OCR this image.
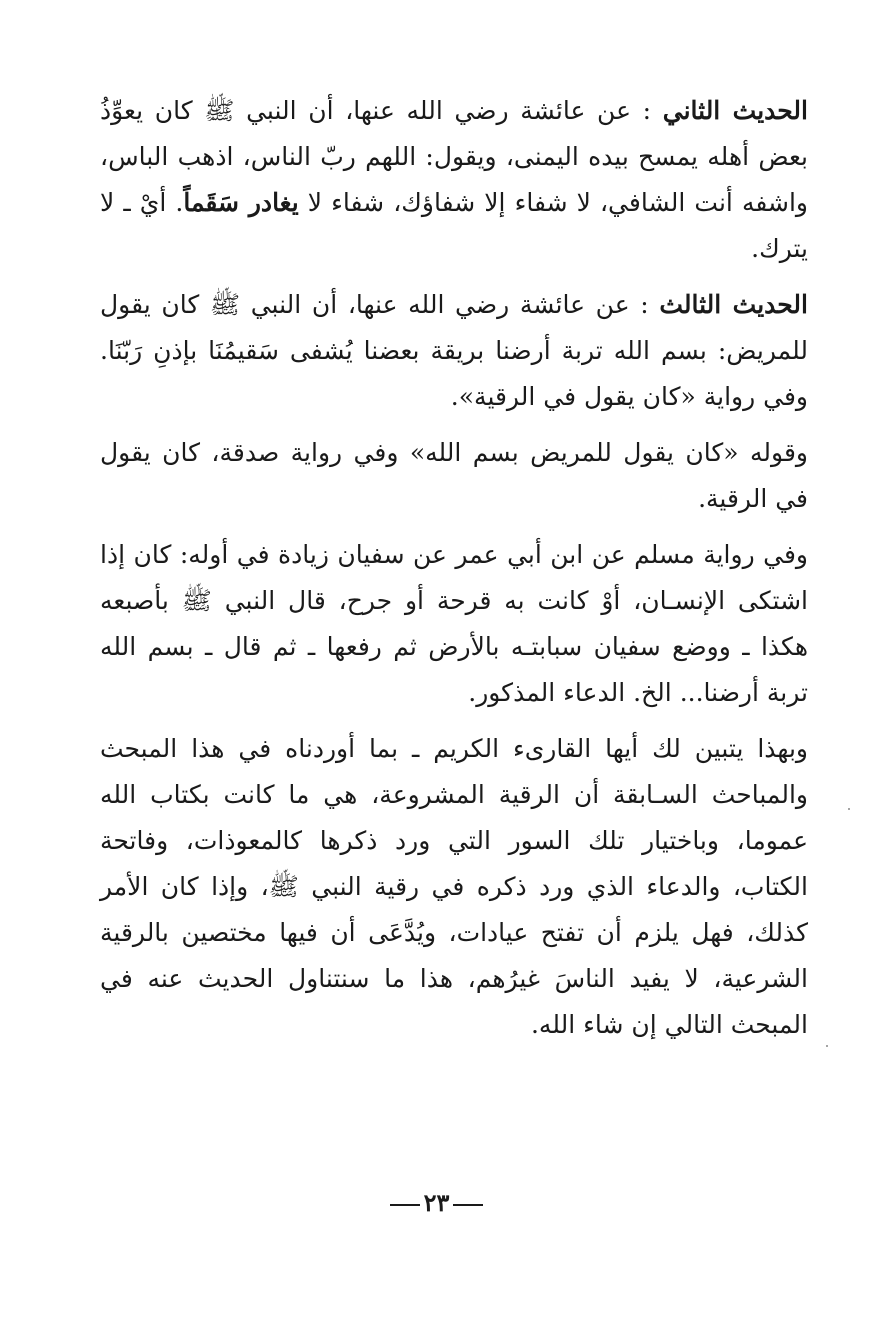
الحديث الثاني : عن عائشة رضي الله عنها، أن النبي ﷺ كان يعوِّذُ بعض أهله يمسح بيده اليمنى، ويقول: اللهم ربّ الناس، اذهب الباس، واشفه أنت الشافي، لا شفاء إلا شفاؤك، شفاء لا يغادر سَقَماً. أيْ ـ لا يترك.

الحديث الثالث : عن عائشة رضي الله عنها، أن النبي ﷺ كان يقول للمريض: بسم الله تربة أرضنا بريقة بعضنا يُشفى سَقيمُنَا بإذنِ رَبّنَا. وفي رواية «كان يقول في الرقية».

وقوله «كان يقول للمريض بسم الله» وفي رواية صدقة، كان يقول في الرقية.

وفي رواية مسلم عن ابن أبي عمر عن سفيان زيادة في أوله: كان إذا اشتكى الإنسـان، أوْ كانت به قرحة أو جرح، قال النبي ﷺ بأصبعه هكذا ـ ووضع سفيان سبابتـه بالأرض ثم رفعها ـ ثم قال ـ بسم الله تربة أرضنا... الخ. الدعاء المذكور.

وبهذا يتبين لك أيها القارىء الكريم ـ بما أوردناه في هذا المبحث والمباحث السـابقة أن الرقية المشروعة، هي ما كانت بكتاب الله عموما، وباختيار تلك السور التي ورد ذكرها كالمعوذات، وفاتحة الكتاب، والدعاء الذي ورد ذكره في رقية النبي ﷺ، وإذا كان الأمر كذلك، فهل يلزم أن تفتح عيادات، ويُدَّعَى أن فيها مختصين بالرقية الشرعية، لا يفيد الناسَ غيرُهم، هذا ما سنتناول الحديث عنه في المبحث التالي إن شاء الله.

٢٣
